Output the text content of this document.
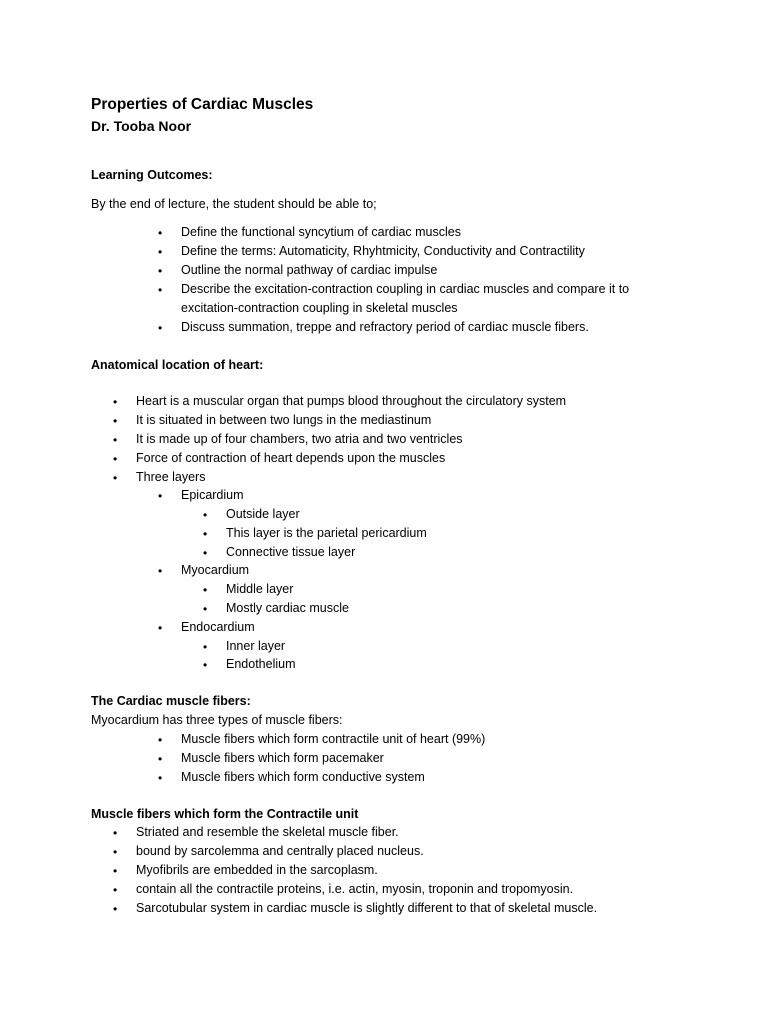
Properties of Cardiac Muscles
Dr. Tooba Noor
Learning Outcomes:
By the end of lecture, the student should be able to;
• Define the functional syncytium of cardiac muscles
• Define the terms: Automaticity, Rhyhtmicity, Conductivity and Contractility
• Outline the normal pathway of cardiac impulse
• Describe the excitation-contraction coupling in cardiac muscles and compare it to
excitation-contraction coupling in skeletal muscles
• Discuss summation, treppe and refractory period of cardiac muscle fibers.
Anatomical location of heart:
• Heart is a muscular organ that pumps blood throughout the circulatory system
• It is situated in between two lungs in the mediastinum
• It is made up of four chambers, two atria and two ventricles
• Force of contraction of heart depends upon the muscles
• Three layers
• Epicardium
• Outside layer
• This layer is the parietal pericardium
• Connective tissue layer
• Myocardium
• Middle layer
• Mostly cardiac muscle
• Endocardium
• Inner layer
• Endothelium
The Cardiac muscle fibers:
Myocardium has three types of muscle fibers:
• Muscle fibers which form contractile unit of heart (99%)
• Muscle fibers which form pacemaker
• Muscle fibers which form conductive system
Muscle fibers which form the Contractile unit
• Striated and resemble the skeletal muscle fiber.
• bound by sarcolemma and centrally placed nucleus.
• Myofibrils are embedded in the sarcoplasm.
• contain all the contractile proteins, i.e. actin, myosin, troponin and tropomyosin.
• Sarcotubular system in cardiac muscle is slightly different to that of skeletal muscle.
